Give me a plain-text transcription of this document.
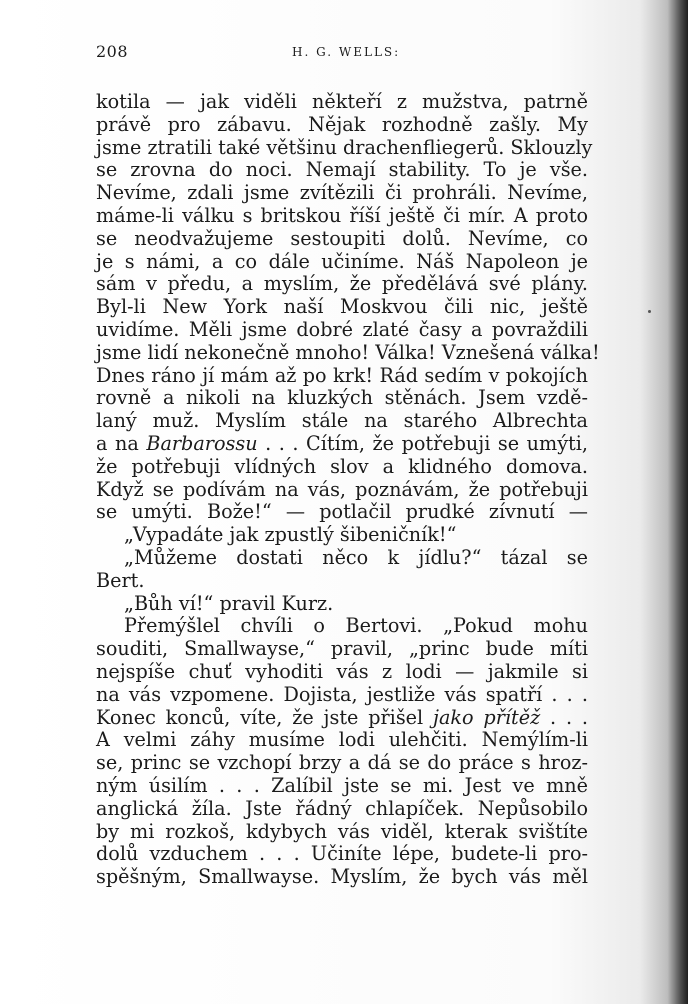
208	H. G. WELLS:
kotila — jak viděli někteří z mužstva, patrně
právě pro zábavu. Nějak rozhodně zašly. My
jsme ztratili také většinu drachenfliegerů. Sklouzly
se zrovna do noci. Nemají stability. To je vše.
Nevíme, zdali jsme zvítězili či prohráli. Nevíme,
máme-li válku s britskou říší ještě či mír. A proto
se neodvažujeme sestoupiti dolů. Nevíme, co
je s námi, a co dále učiníme. Náš Napoleon je
sám v předu, a myslím, že předělává své plány.
Byl-li New York naší Moskvou čili nic, ještě
uvidíme. Měli jsme dobré zlaté časy a povraždili
jsme lidí nekonečně mnoho! Válka! Vznešená válka!
Dnes ráno jí mám až po krk! Rád sedím v pokojích
rovně a nikoli na kluzkých stěnách. Jsem vzdě-
laný muž. Myslím stále na starého Albrechta
a na Barbarossu . . . Cítím, že potřebuji se umýti,
že potřebuji vlídných slov a klidného domova.
Když se podívám na vás, poznávám, že potřebuji
se umýti. Bože!“ — potlačil prudké zívnutí —
„Vypadáte jak zpustlý šibeničník!“
„Můžeme dostati něco k jídlu?“ tázal se
Bert.
„Bůh ví!“ pravil Kurz.
Přemýšlel chvíli o Bertovi. „Pokud mohu
souditi, Smallwayse,“ pravil, „princ bude míti
nejspíše chuť vyhoditi vás z lodi — jakmile si
na vás vzpomene. Dojista, jestliže vás spatří . . .
Konec konců, víte, že jste přišel jako přítěž . . .
A velmi záhy musíme lodi ulehčiti. Nemýlím-li
se, princ se vzchopí brzy a dá se do práce s hroz-
ným úsilím . . . Zalíbil jste se mi. Jest ve mně
anglická žíla. Jste řádný chlapíček. Nepůsobilo
by mi rozkoš, kdybych vás viděl, kterak svištíte
dolů vzduchem . . . Učiníte lépe, budete-li pro-
spěšným, Smallwayse. Myslím, že bych vás měl
